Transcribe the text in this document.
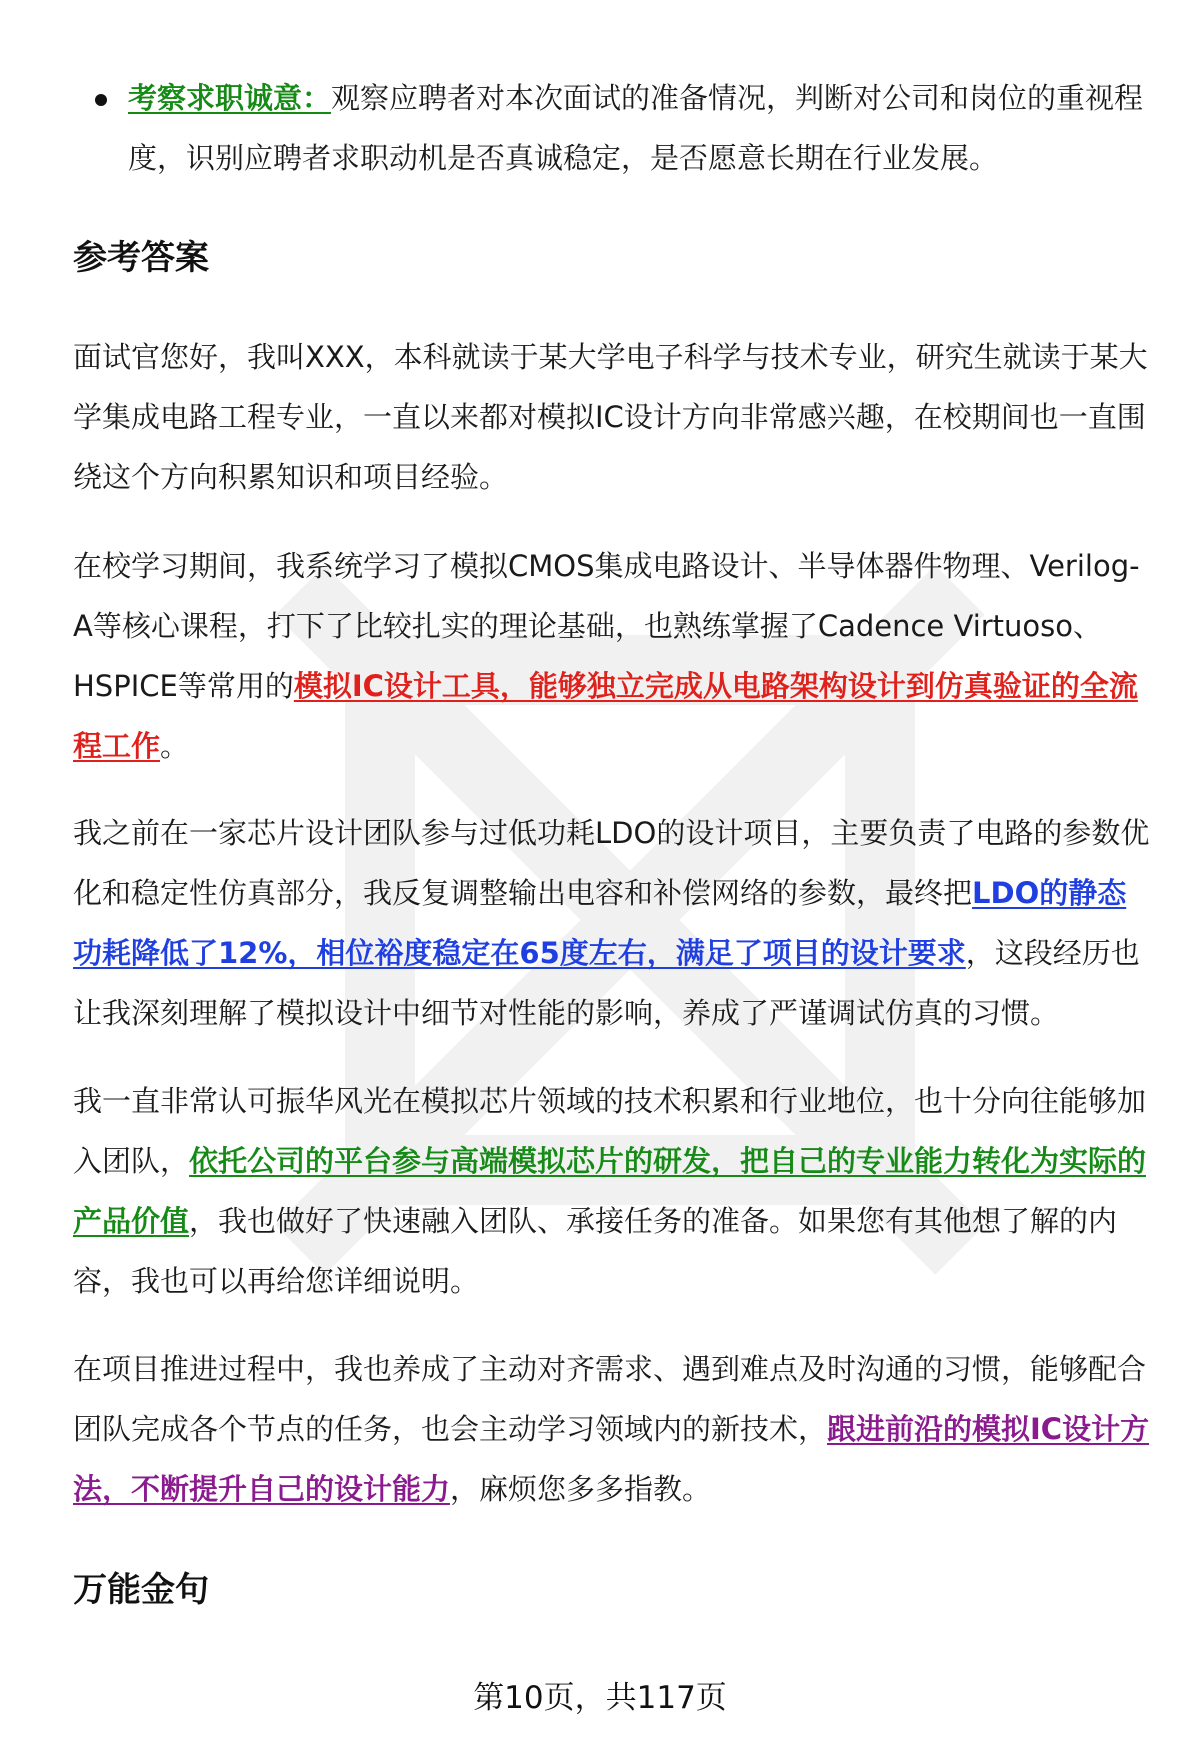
考察求职诚意：观察应聘者对本次面试的准备情况，判断对公司和岗位的重视程度，识别应聘者求职动机是否真诚稳定，是否愿意长期在行业发展。
参考答案

面试官您好，我叫XXX，本科就读于某大学电子科学与技术专业，研究生就读于某大学集成电路工程专业，一直以来都对模拟IC设计方向非常感兴趣，在校期间也一直围绕这个方向积累知识和项目经验。

在校学习期间，我系统学习了模拟CMOS集成电路设计、半导体器件物理、Verilog-A等核心课程，打下了比较扎实的理论基础，也熟练掌握了Cadence Virtuoso、HSPICE等常用的模拟IC设计工具，能够独立完成从电路架构设计到仿真验证的全流程工作。

我之前在一家芯片设计团队参与过低功耗LDO的设计项目，主要负责了电路的参数优化和稳定性仿真部分，我反复调整输出电容和补偿网络的参数，最终把LDO的静态功耗降低了12%，相位裕度稳定在65度左右，满足了项目的设计要求，这段经历也让我深刻理解了模拟设计中细节对性能的影响，养成了严谨调试仿真的习惯。

我一直非常认可振华风光在模拟芯片领域的技术积累和行业地位，也十分向往能够加入团队，依托公司的平台参与高端模拟芯片的研发，把自己的专业能力转化为实际的产品价值，我也做好了快速融入团队、承接任务的准备。如果您有其他想了解的内容，我也可以再给您详细说明。

在项目推进过程中，我也养成了主动对齐需求、遇到难点及时沟通的习惯，能够配合团队完成各个节点的任务，也会主动学习领域内的新技术，跟进前沿的模拟IC设计方法，不断提升自己的设计能力，麻烦您多多指教。

万能金句
第10页，共117页
